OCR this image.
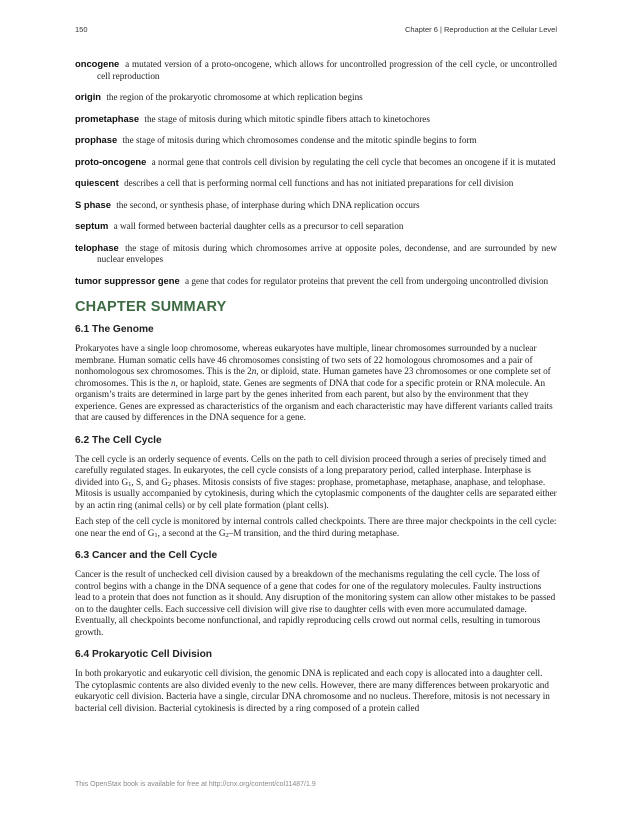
150	Chapter 6 | Reproduction at the Cellular Level

oncogene a mutated version of a proto-oncogene, which allows for uncontrolled progression of the cell cycle, or uncontrolled cell reproduction

origin the region of the prokaryotic chromosome at which replication begins

prometaphase the stage of mitosis during which mitotic spindle fibers attach to kinetochores

prophase the stage of mitosis during which chromosomes condense and the mitotic spindle begins to form

proto-oncogene a normal gene that controls cell division by regulating the cell cycle that becomes an oncogene if it is mutated

quiescent describes a cell that is performing normal cell functions and has not initiated preparations for cell division

S phase the second, or synthesis phase, of interphase during which DNA replication occurs

septum a wall formed between bacterial daughter cells as a precursor to cell separation

telophase the stage of mitosis during which chromosomes arrive at opposite poles, decondense, and are surrounded by new nuclear envelopes

tumor suppressor gene a gene that codes for regulator proteins that prevent the cell from undergoing uncontrolled division

CHAPTER SUMMARY
6.1 The Genome

Prokaryotes have a single loop chromosome, whereas eukaryotes have multiple, linear chromosomes surrounded by a nuclear membrane. Human somatic cells have 46 chromosomes consisting of two sets of 22 homologous chromosomes and a pair of nonhomologous sex chromosomes. This is the 2n, or diploid, state. Human gametes have 23 chromosomes or one complete set of chromosomes. This is the n, or haploid, state. Genes are segments of DNA that code for a specific protein or RNA molecule. An organism’s traits are determined in large part by the genes inherited from each parent, but also by the environment that they experience. Genes are expressed as characteristics of the organism and each characteristic may have different variants called traits that are caused by differences in the DNA sequence for a gene.

6.2 The Cell Cycle

The cell cycle is an orderly sequence of events. Cells on the path to cell division proceed through a series of precisely timed and carefully regulated stages. In eukaryotes, the cell cycle consists of a long preparatory period, called interphase. Interphase is divided into $G_1$, S, and $G_2$ phases. Mitosis consists of five stages: prophase, prometaphase, metaphase, anaphase, and telophase. Mitosis is usually accompanied by cytokinesis, during which the cytoplasmic components of the daughter cells are separated either by an actin ring (animal cells) or by cell plate formation (plant cells).

Each step of the cell cycle is monitored by internal controls called checkpoints. There are three major checkpoints in the cell cycle: one near the end of $G_1$, a second at the $G_2-M$ transition, and the third during metaphase.

6.3 Cancer and the Cell Cycle

Cancer is the result of unchecked cell division caused by a breakdown of the mechanisms regulating the cell cycle. The loss of control begins with a change in the DNA sequence of a gene that codes for one of the regulatory molecules. Faulty instructions lead to a protein that does not function as it should. Any disruption of the monitoring system can allow other mistakes to be passed on to the daughter cells. Each successive cell division will give rise to daughter cells with even more accumulated damage. Eventually, all checkpoints become nonfunctional, and rapidly reproducing cells crowd out normal cells, resulting in tumorous growth.

6.4 Prokaryotic Cell Division

In both prokaryotic and eukaryotic cell division, the genomic DNA is replicated and each copy is allocated into a daughter cell. The cytoplasmic contents are also divided evenly to the new cells. However, there are many differences between prokaryotic and eukaryotic cell division. Bacteria have a single, circular DNA chromosome and no nucleus. Therefore, mitosis is not necessary in bacterial cell division. Bacterial cytokinesis is directed by a ring composed of a protein called

This OpenStax book is available for free at http://cnx.org/content/col11487/1.9
